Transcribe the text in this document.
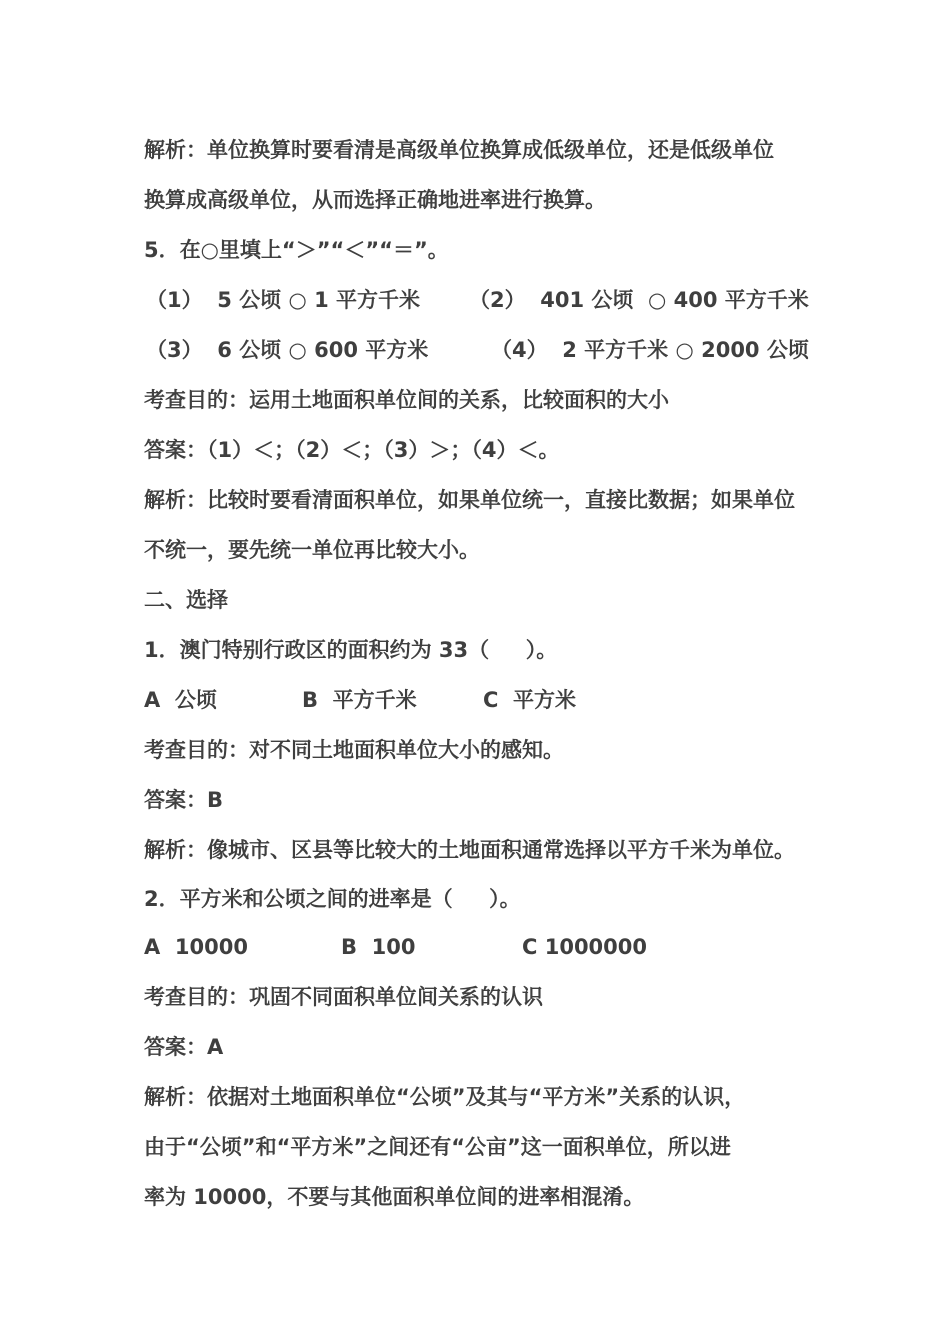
解析：单位换算时要看清是高级单位换算成低级单位，还是低级单位
换算成高级单位，从而选择正确地进率进行换算。
5．在○里填上“＞”“＜”“＝”。

（1）  5 公顷 ○ 1 平方千米

（2）  401 公顷  ○ 400 平方千米

（3）  6 公顷 ○ 600 平方米

	（4）  2 平方千米 ○ 2000 公顷

考查目的：运用土地面积单位间的关系，比较面积的大小
答案：（1）＜；（2）＜；（3）＞；（4）＜。
解析：比较时要看清面积单位，如果单位统一，直接比数据；如果单位
不统一，要先统一单位再比较大小。
二、选择
1．澳门特别行政区的面积约为 33（     ）。

A  公顷

	B  平方千米

	C  平方米

考查目的：对不同土地面积单位大小的感知。
答案：B
解析：像城市、区县等比较大的土地面积通常选择以平方千米为单位。
2．平方米和公顷之间的进率是（     ）。

A  10000

	B  100

	C 1000000

考查目的：巩固不同面积单位间关系的认识
答案：A
解析：依据对土地面积单位“公顷”及其与“平方米”关系的认识，
由于“公顷”和“平方米”之间还有“公亩”这一面积单位，所以进
率为 10000，不要与其他面积单位间的进率相混淆。
